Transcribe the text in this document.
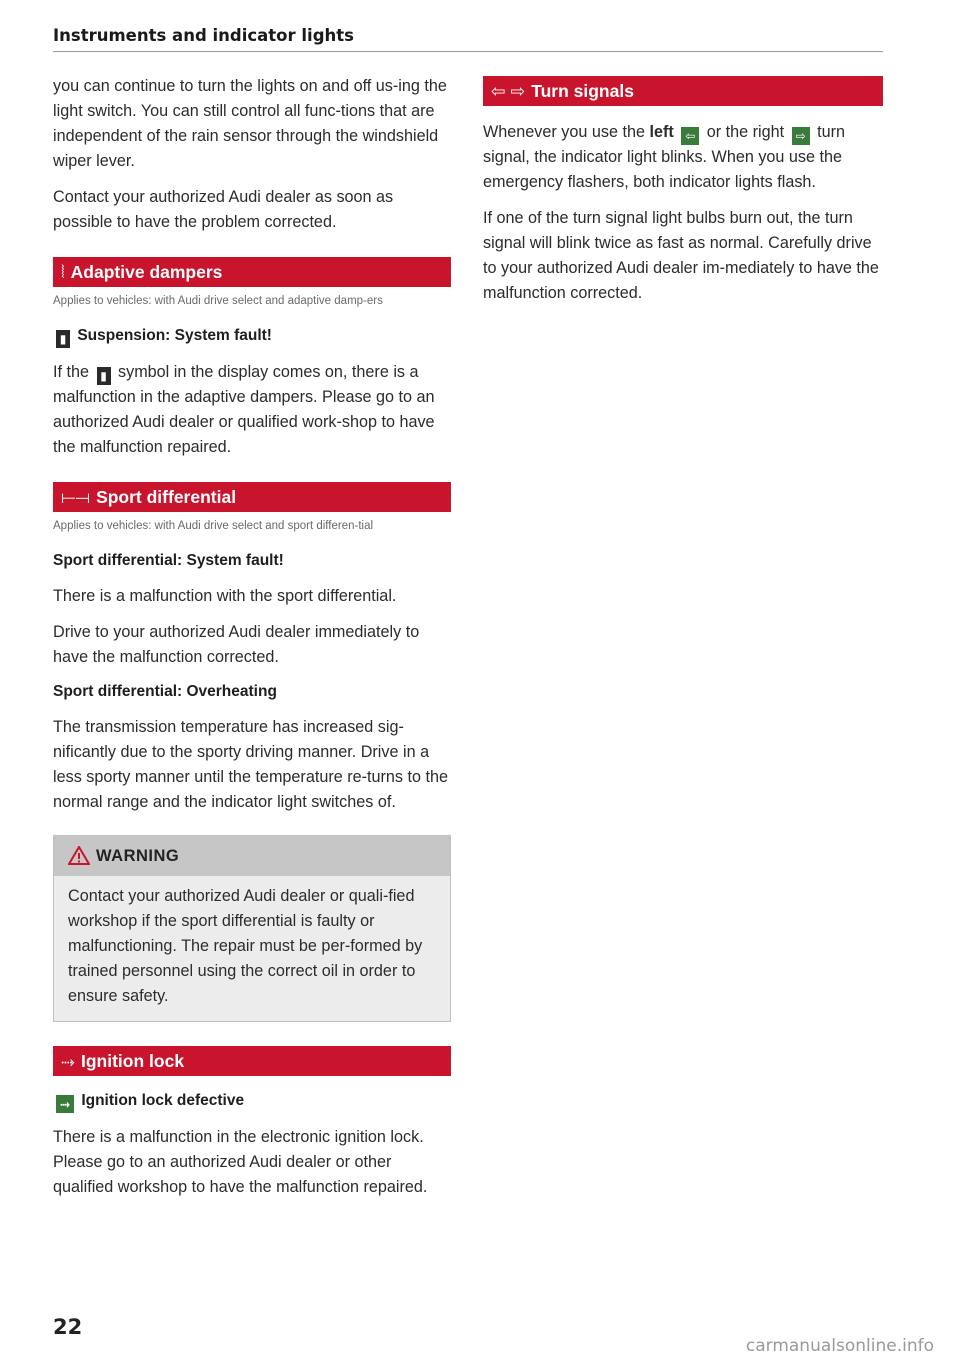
Instruments and indicator lights

you can continue to turn the lights on and off us-ing the light switch. You can still control all func-tions that are independent of the rain sensor through the windshield wiper lever.

Contact your authorized Audi dealer as soon as possible to have the problem corrected.

⦚ Adaptive dampers
Applies to vehicles: with Audi drive select and adaptive damp-ers
▮ Suspension: System fault!

If the ▮ symbol in the display comes on, there is a malfunction in the adaptive dampers. Please go to an authorized Audi dealer or qualified work-shop to have the malfunction repaired.

⟝⟞ Sport differential
Applies to vehicles: with Audi drive select and sport differen-tial
Sport differential: System fault!

There is a malfunction with the sport differential.

Drive to your authorized Audi dealer immediately to have the malfunction corrected.

Sport differential: Overheating

The transmission temperature has increased sig-nificantly due to the sporty driving manner. Drive in a less sporty manner until the temperature re-turns to the normal range and the indicator light switches of.

WARNING
Contact your authorized Audi dealer or quali-fied workshop if the sport differential is faulty or malfunctioning. The repair must be per-formed by trained personnel using the correct oil in order to ensure safety.
⤑ Ignition lock
⤑ Ignition lock defective

There is a malfunction in the electronic ignition lock. Please go to an authorized Audi dealer or other qualified workshop to have the malfunction repaired.

⇦ ⇨ Turn signals

Whenever you use the left ⇦ or the right ⇨ turn signal, the indicator light blinks. When you use the emergency flashers, both indicator lights flash.

If one of the turn signal light bulbs burn out, the turn signal will blink twice as fast as normal. Carefully drive to your authorized Audi dealer im-mediately to have the malfunction corrected.

22
carmanualsonline.info
